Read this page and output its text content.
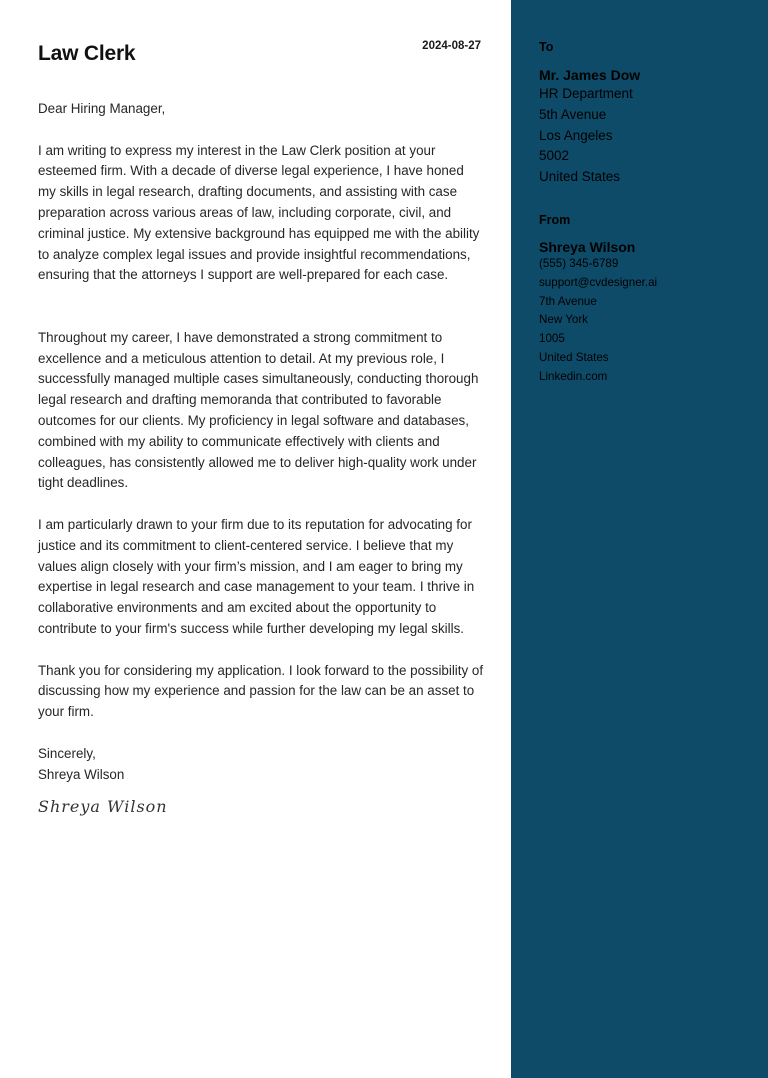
Law Clerk	2024-08-27

Dear Hiring Manager,

I am writing to express my interest in the Law Clerk position at your esteemed firm. With a decade of diverse legal experience, I have honed my skills in legal research, drafting documents, and assisting with case preparation across various areas of law, including corporate, civil, and criminal justice. My extensive background has equipped me with the ability to analyze complex legal issues and provide insightful recommendations, ensuring that the attorneys I support are well-prepared for each case.

Throughout my career, I have demonstrated a strong commitment to excellence and a meticulous attention to detail. At my previous role, I successfully managed multiple cases simultaneously, conducting thorough legal research and drafting memoranda that contributed to favorable outcomes for our clients. My proficiency in legal software and databases, combined with my ability to communicate effectively with clients and colleagues, has consistently allowed me to deliver high-quality work under tight deadlines.

I am particularly drawn to your firm due to its reputation for advocating for justice and its commitment to client-centered service. I believe that my values align closely with your firm’s mission, and I am eager to bring my expertise in legal research and case management to your team. I thrive in collaborative environments and am excited about the opportunity to contribute to your firm's success while further developing my legal skills.

Thank you for considering my application. I look forward to the possibility of discussing how my experience and passion for the law can be an asset to your firm.

Sincerely,

Shreya Wilson

Shreya Wilson
To
Mr. James Dow
HR Department
5th Avenue
Los Angeles
5002
United States
From
Shreya Wilson
(555) 345-6789
support@cvdesigner.ai
7th Avenue
New York
1005
United States
Linkedin.com
